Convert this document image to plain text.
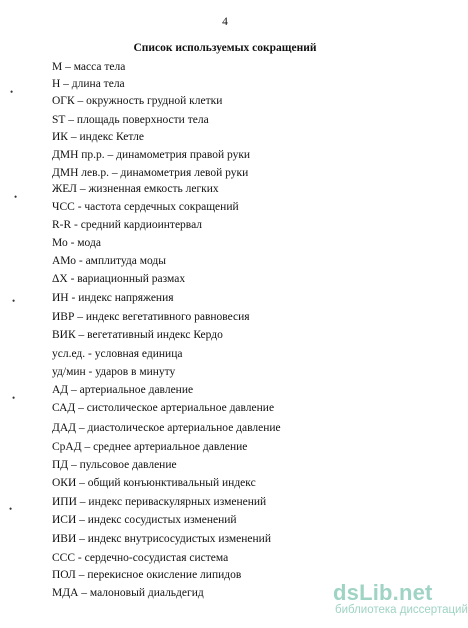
4
Список используемых сокращений
М – масса тела
Н – длина тела
ОГК – окружность грудной клетки
SТ – площадь поверхности тела
ИК – индекс Кетле
ДМН пр.р. – динамометрия правой руки
ДМН лев.р. – динамометрия левой руки
ЖЕЛ – жизненная емкость легких
ЧСС - частота сердечных сокращений
R-R - средний кардиоинтервал
Мо - мода
АМо - амплитуда моды
ΔХ - вариационный размах
ИН - индекс напряжения
ИВР – индекс вегетативного равновесия
ВИК – вегетативный индекс Кердо
усл.ед. - условная единица
уд/мин - ударов в минуту
АД – артериальное давление
САД – систолическое артериальное давление
ДАД – диастолическое артериальное давление
СрАД – среднее артериальное давление
ПД – пульсовое давление
ОКИ – общий конъюнктивальный индекс
ИПИ – индекс периваскулярных изменений
ИСИ – индекс сосудистых изменений
ИВИ – индекс внутрисосудистых изменений
ССС - сердечно-сосудистая система
ПОЛ – перекисное окисление липидов
МДА – малоновый диальдегид
•
•
•
•
•
dsLib.net
библиотека диссертаций
